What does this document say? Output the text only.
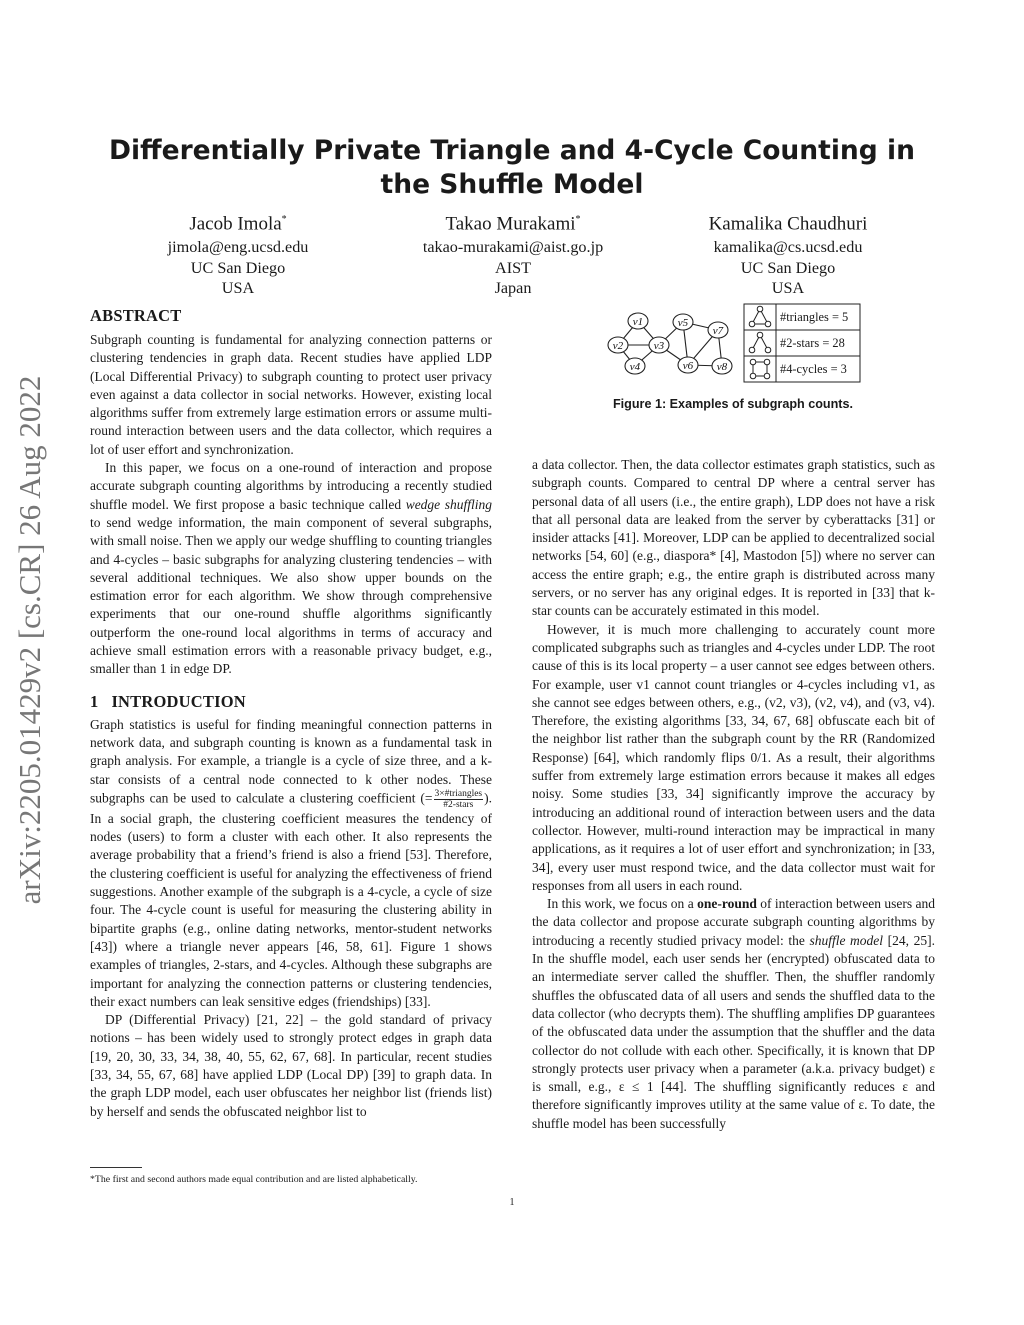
arXiv:2205.01429v2 [cs.CR] 26 Aug 2022
Differentially Private Triangle and 4-Cycle Counting in the Shuffle Model
Jacob Imola*
jimola@eng.ucsd.edu
UC San Diego
USA
Takao Murakami*
takao-murakami@aist.go.jp
AIST
Japan
Kamalika Chaudhuri
kamalika@cs.ucsd.edu
UC San Diego
USA
ABSTRACT

Subgraph counting is fundamental for analyzing connection patterns or clustering tendencies in graph data. Recent studies have applied LDP (Local Differential Privacy) to subgraph counting to protect user privacy even against a data collector in social networks. However, existing local algorithms suffer from extremely large estimation errors or assume multi-round interaction between users and the data collector, which requires a lot of user effort and synchronization.

In this paper, we focus on a one-round of interaction and propose accurate subgraph counting algorithms by introducing a recently studied shuffle model. We first propose a basic technique called wedge shuffling to send wedge information, the main component of several subgraphs, with small noise. Then we apply our wedge shuffling to counting triangles and 4-cycles – basic subgraphs for analyzing clustering tendencies – with several additional techniques. We also show upper bounds on the estimation error for each algorithm. We show through comprehensive experiments that our one-round shuffle algorithms significantly outperform the one-round local algorithms in terms of accuracy and achieve small estimation errors with a reasonable privacy budget, e.g., smaller than 1 in edge DP.

1 INTRODUCTION

Graph statistics is useful for finding meaningful connection patterns in network data, and subgraph counting is known as a fundamental task in graph analysis. For example, a triangle is a cycle of size three, and a k-star consists of a central node connected to k other nodes. These subgraphs can be used to calculate a clustering coefficient (= $\frac{\text{3×\#triangles}}{\text{\#2-stars}}$ ). In a social graph, the clustering coefficient measures the tendency of nodes (users) to form a cluster with each other. It also represents the average probability that a friend’s friend is also a friend [53]. Therefore, the clustering coefficient is useful for analyzing the effectiveness of friend suggestions. Another example of the subgraph is a 4-cycle, a cycle of size four. The 4-cycle count is useful for measuring the clustering ability in bipartite graphs (e.g., online dating networks, mentor-student networks [43]) where a triangle never appears [46, 58, 61]. Figure 1 shows examples of triangles, 2-stars, and 4-cycles. Although these subgraphs are important for analyzing the connection patterns or clustering tendencies, their exact numbers can leak sensitive edges (friendships) [33].

DP (Differential Privacy) [21, 22] – the gold standard of privacy notions – has been widely used to strongly protect edges in graph data [19, 20, 30, 33, 34, 38, 40, 55, 62, 67, 68]. In particular, recent studies [33, 34, 55, 67, 68] have applied LDP (Local DP) [39] to graph data. In the graph LDP model, each user obfuscates her neighbor list (friends list) by herself and sends the obfuscated neighbor list to

*The first and second authors made equal contribution and are listed alphabetically.
v1
v2	v3
v4
v5
v6
v7
v8
#triangles = 5
#2-stars = 28
#4-cycles = 3
Figure 1: Examples of subgraph counts.

a data collector. Then, the data collector estimates graph statistics, such as subgraph counts. Compared to central DP where a central server has personal data of all users (i.e., the entire graph), LDP does not have a risk that all personal data are leaked from the server by cyberattacks [31] or insider attacks [41]. Moreover, LDP can be applied to decentralized social networks [54, 60] (e.g., diaspora* [4], Mastodon [5]) where no server can access the entire graph; e.g., the entire graph is distributed across many servers, or no server has any original edges. It is reported in [33] that k-star counts can be accurately estimated in this model.

However, it is much more challenging to accurately count more complicated subgraphs such as triangles and 4-cycles under LDP. The root cause of this is its local property – a user cannot see edges between others. For example, user v1 cannot count triangles or 4-cycles including v1, as she cannot see edges between others, e.g., (v2, v3), (v2, v4), and (v3, v4). Therefore, the existing algorithms [33, 34, 67, 68] obfuscate each bit of the neighbor list rather than the subgraph count by the RR (Randomized Response) [64], which randomly flips 0/1. As a result, their algorithms suffer from extremely large estimation errors because it makes all edges noisy. Some studies [33, 34] significantly improve the accuracy by introducing an additional round of interaction between users and the data collector. However, multi-round interaction may be impractical in many applications, as it requires a lot of user effort and synchronization; in [33, 34], every user must respond twice, and the data collector must wait for responses from all users in each round.

In this work, we focus on a one-round of interaction between users and the data collector and propose accurate subgraph counting algorithms by introducing a recently studied privacy model: the shuffle model [24, 25]. In the shuffle model, each user sends her (encrypted) obfuscated data to an intermediate server called the shuffler. Then, the shuffler randomly shuffles the obfuscated data of all users and sends the shuffled data to the data collector (who decrypts them). The shuffling amplifies DP guarantees of the obfuscated data under the assumption that the shuffler and the data collector do not collude with each other. Specifically, it is known that DP strongly protects user privacy when a parameter (a.k.a. privacy budget) ε is small, e.g., ε ≤ 1 [44]. The shuffling significantly reduces ε and therefore significantly improves utility at the same value of ε. To date, the shuffle model has been successfully

1
